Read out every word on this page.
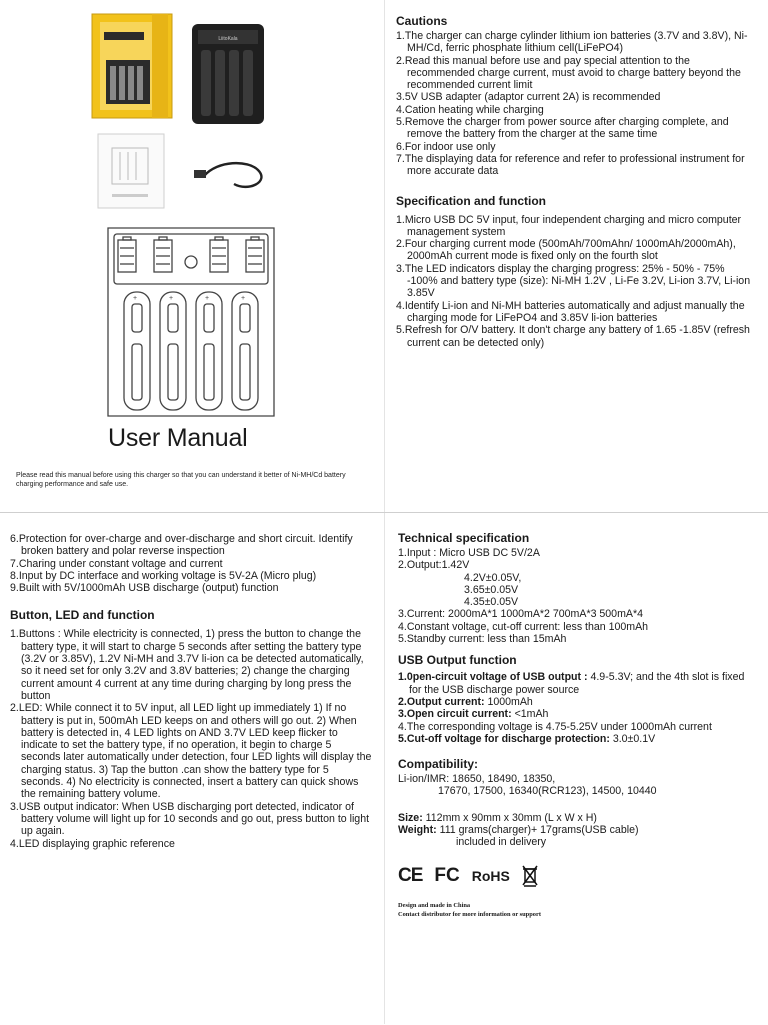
LiitoKala
+	+	+	+
User Manual
Please read this manual before using this charger so that you can understand it better of Ni-MH/Cd battery charging performance and safe use.
Cautions
1.The charger can charge cylinder lithium ion batteries (3.7V and 3.8V), Ni-MH/Cd, ferric phosphate lithium cell(LiFePO4)
2.Read this manual before use and pay special attention to the recommended charge current, must avoid to charge battery beyond the recommended current limit
3.5V USB adapter (adaptor current 2A) is recommended
4.Cation heating while charging
5.Remove the charger from power source after charging complete, and remove the battery from the charger at the same time
6.For indoor use only
7.The displaying data for reference and refer to professional instrument for more accurate data
Specification and function
1.Micro USB DC 5V input, four independent charging and micro computer management system
2.Four charging current mode (500mAh/700mAhn/ 1000mAh/2000mAh), 2000mAh current mode is fixed only on the fourth slot
3.The LED indicators display the charging progress: 25% - 50% - 75% -100% and battery type (size): Ni-MH 1.2V , Li-Fe 3.2V, Li-ion 3.7V, Li-ion 3.85V
4.Identify Li-ion and Ni-MH batteries automatically and adjust manually the charging mode for LiFePO4 and 3.85V li-ion batteries
5.Refresh for O/V battery. It don't charge any battery of 1.65 -1.85V (refresh current can be detected only)
6.Protection for over-charge and over-discharge and short circuit. Identify broken battery and polar reverse inspection
7.Charing under constant voltage and current
8.Input by DC interface and working voltage is 5V-2A (Micro plug)
9.Built with 5V/1000mAh USB discharge (output) function
Button, LED and function
1.Buttons : While electricity is connected, 1) press the button to change the battery type, it will start to charge 5 seconds after setting the battery type (3.2V or 3.85V), 1.2V Ni-MH and 3.7V li-ion ca be detected automatically, so it need set for only 3.2V and 3.8V batteries; 2) change the charging current amount 4 current at any time during charging by long press the button
2.LED: While connect it to 5V input, all LED light up immediately 1) If no battery is put in, 500mAh LED keeps on and others will go out. 2) When battery is detected in, 4 LED lights on AND 3.7V LED keep flicker to indicate to set the battery type, if no operation, it begin to charge 5 seconds later automatically under detection, four LED lights will display the charging status. 3) Tap the button .can show the battery type for 5 seconds. 4) No electricity is connected, insert a battery can quick shows the remaining battery volume.
3.USB output indicator: When USB discharging port detected, indicator of battery volume will light up for 10 seconds and go out, press button to light up again.
4.LED displaying graphic reference
Technical specification
1.Input : Micro USB DC 5V/2A
2.Output:1.42V
4.2V±0.05V,
3.65±0.05V
4.35±0.05V
3.Current: 2000mA*1 1000mA*2 700mA*3 500mA*4
4.Constant voltage, cut-off current: less than 100mAh
5.Standby current: less than 15mAh
USB Output function
1.0pen-circuit voltage of USB output : 4.9-5.3V; and the 4th slot is fixed for the USB discharge power source
2.Output current: 1000mAh
3.Open circuit current: <1mAh
4.The corresponding voltage is 4.75-5.25V under 1000mAh current
5.Cut-off voltage for discharge protection: 3.0±0.1V
Compatibility:
Li-ion/IMR: 18650, 18490, 18350,
17670, 17500, 16340(RCR123), 14500, 10440
Size: 112mm x 90mm x 30mm (L x W x H)
Weight: 111 grams(charger)+ 17grams(USB cable)
included in delivery
CE FC RoHS
Design and made in China
Contact distributor for more information or support
